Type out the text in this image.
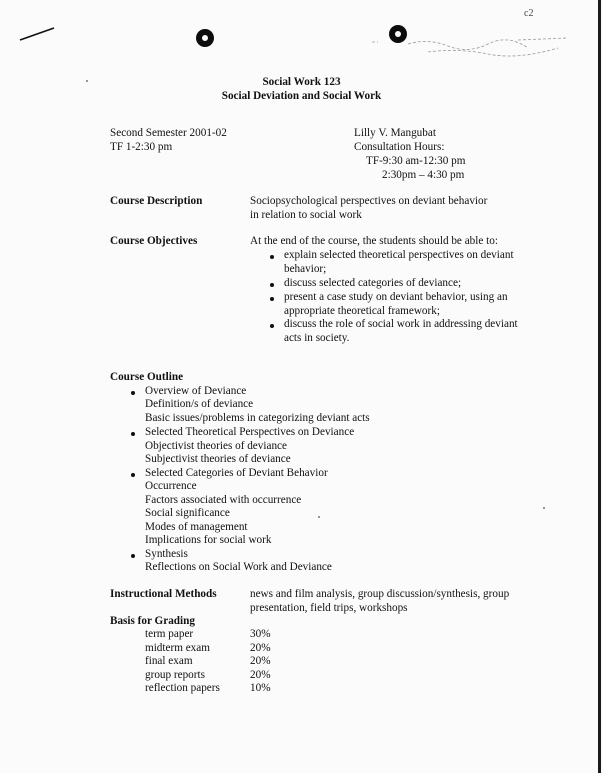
c2
Social Work 123
Social Deviation and Social Work
Second Semester 2001-02
TF 1-2:30 pm
Lilly V. Mangubat
Consultation Hours:
TF-9:30 am-12:30 pm
2:30pm – 4:30 pm
Course Description	Sociopsychological perspectives on deviant behavior
in relation to social work
Course Objectives	At the end of the course, the students should be able to:
explain selected theoretical perspectives on deviant
behavior;
discuss selected categories of deviance;
present a case study on deviant behavior, using an
appropriate theoretical framework;
discuss the role of social work in addressing deviant
acts in society.
Course Outline
Overview of Deviance
Definition/s of deviance
Basic issues/problems in categorizing deviant acts
Selected Theoretical Perspectives on Deviance
Objectivist theories of deviance
Subjectivist theories of deviance
Selected Categories of Deviant Behavior
Occurrence
Factors associated with occurrence
Social significance
Modes of management
Implications for social work
Synthesis
Reflections on Social Work and Deviance
Instructional Methods	news and film analysis, group discussion/synthesis, group
presentation, field trips, workshops
Basis for Grading
term paper	30%
midterm exam	20%
final exam	20%
group reports	20%
reflection papers	10%
